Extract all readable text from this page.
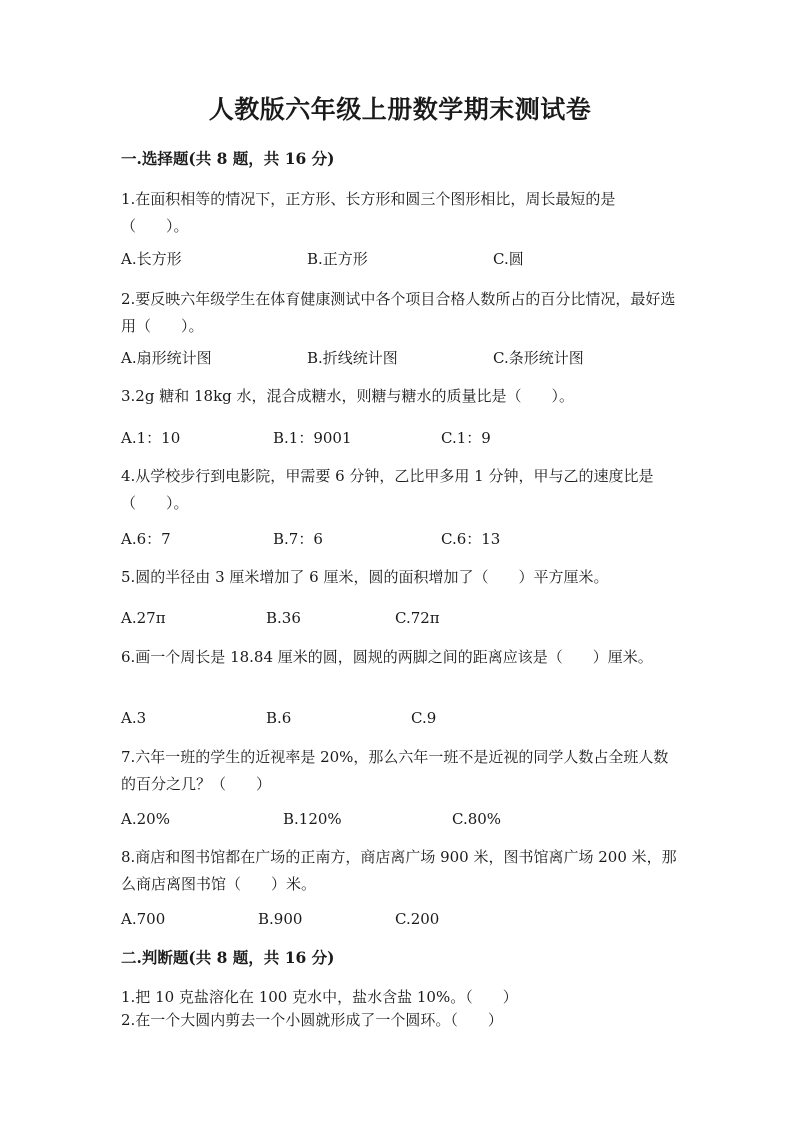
人教版六年级上册数学期末测试卷
一.选择题(共 8 题，共 16 分)
1.在面积相等的情况下，正方形、长方形和圆三个图形相比，周长最短的是（　　）。
A.长方形	B.正方形	C.圆
2.要反映六年级学生在体育健康测试中各个项目合格人数所占的百分比情况，最好选用（　　）。
A.扇形统计图	B.折线统计图	C.条形统计图
3.2g 糖和 18kg 水，混合成糖水，则糖与糖水的质量比是（　　）。
A.1：10	B.1：9001	C.1：9
4.从学校步行到电影院，甲需要 6 分钟，乙比甲多用 1 分钟，甲与乙的速度比是（　　）。
A.6：7	B.7：6	C.6：13
5.圆的半径由 3 厘米增加了 6 厘米，圆的面积增加了（　　）平方厘米。
A.27π	B.36	C.72π
6.画一个周长是 18.84 厘米的圆，圆规的两脚之间的距离应该是（　　）厘米。
A.3	B.6	C.9
7.六年一班的学生的近视率是 20%，那么六年一班不是近视的同学人数占全班人数的百分之几？（　　）
A.20%	B.120%	C.80%
8.商店和图书馆都在广场的正南方，商店离广场 900 米，图书馆离广场 200 米，那么商店离图书馆（　　）米。
A.700	B.900	C.200
二.判断题(共 8 题，共 16 分)
1.把 10 克盐溶化在 100 克水中，盐水含盐 10%。（　　）
2.在一个大圆内剪去一个小圆就形成了一个圆环。（　　）
